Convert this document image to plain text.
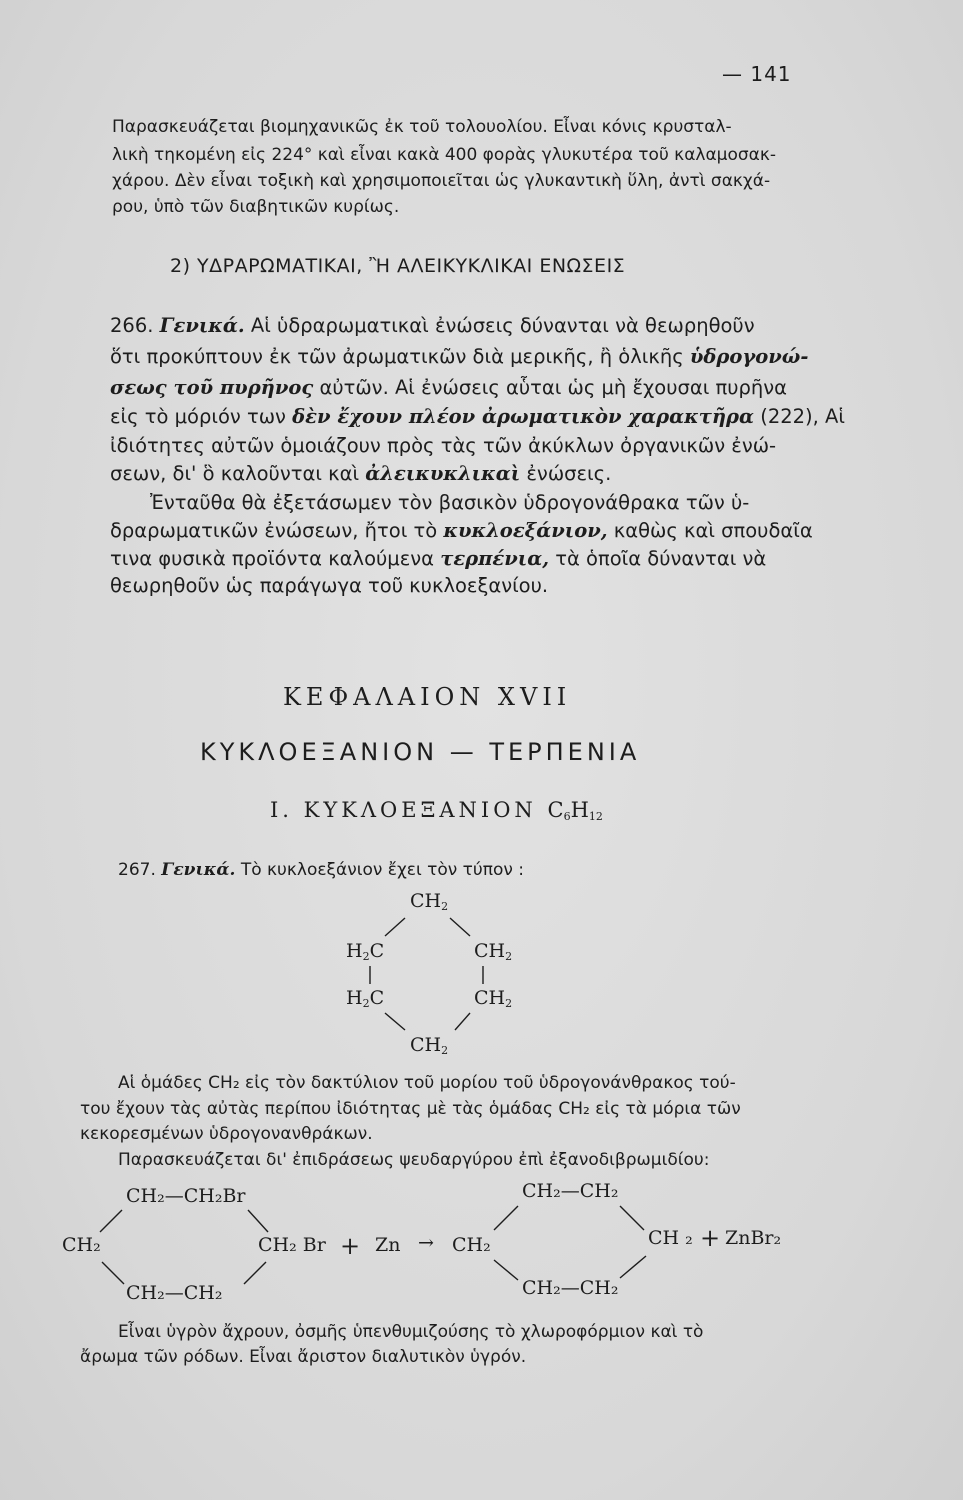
— 141
Παρασκευάζεται βιομηχανικῶς ἐκ τοῦ τολουολίου. Εἶναι κόνις κρυσταλ-
λικὴ τηκομένη εἰς 224° καὶ εἶναι κακὰ 400 φορὰς γλυκυτέρα τοῦ καλαμοσακ-
χάρου. Δὲν εἶναι τοξικὴ καὶ χρησιμοποιεῖται ὡς γλυκαντικὴ ὕλη, ἀντὶ σακχά-
ρου, ὑπὸ τῶν διαβητικῶν κυρίως.
2) ΥΔΡΑΡΩΜΑΤΙΚΑΙ, Ἢ ΑΛΕΙΚΥΚΛΙΚΑΙ ΕΝΩΣΕΙΣ
266. Γενικά. Αἱ ὑδραρωματικαὶ ἐνώσεις δύνανται νὰ θεωρηθοῦν
ὅτι προκύπτουν ἐκ τῶν ἀρωματικῶν διὰ μερικῆς, ἢ ὁλικῆς ὑδρογονώ-
σεως τοῦ πυρῆνος αὐτῶν. Αἱ ἐνώσεις αὗται ὡς μὴ ἔχουσαι πυρῆνα
εἰς τὸ μόριόν των δὲν ἔχουν πλέον ἀρωματικὸν χαρακτῆρα (222), Αἱ
ἰδιότητες αὐτῶν ὁμοιάζουν πρὸς τὰς τῶν ἀκύκλων ὀργανικῶν ἐνώ-
σεων, δι' ὃ καλοῦνται καὶ ἀλεικυκλικαὶ ἐνώσεις.
Ἐνταῦθα θὰ ἐξετάσωμεν τὸν βασικὸν ὑδρογονάθρακα τῶν ὑ-
δραρωματικῶν ἐνώσεων, ἤτοι τὸ κυκλοεξάνιον, καθὼς καὶ σπουδαῖα
τινα φυσικὰ προϊόντα καλούμενα τερπένια, τὰ ὁποῖα δύνανται νὰ
θεωρηθοῦν ὡς παράγωγα τοῦ κυκλοεξανίου.
ΚΕΦΑΛΑΙΟΝ XVII
ΚΥΚΛΟΕΞΑΝΙΟΝ — ΤΕΡΠΕΝΙΑ
I. ΚΥΚΛΟΕΞΑΝΙΟΝ $C_6H_{12}$
267. Γενικά. Τὸ κυκλοεξάνιον ἔχει τὸν τύπον :
$CH_2$
$H_2C$	$CH_2$
$H_2C$	$CH_2$
$CH_2$
Αἱ ὁμάδες CH₂ εἰς τὸν δακτύλιον τοῦ μορίου τοῦ ὑδρογονάνθρακος τού-
του ἔχουν τὰς αὐτὰς περίπου ἰδιότητας μὲ τὰς ὁμάδας CH₂ εἰς τὰ μόρια τῶν
κεκορεσμένων ὑδρογονανθράκων.
Παρασκευάζεται δι' ἐπιδράσεως ψευδαργύρου ἐπὶ ἐξανοδιβρωμιδίου:
CH₂—CH₂Br
CH₂	CH₂ Br + Zn → CH₂
CH₂—CH₂
CH₂—CH₂
CH ₂ + ZnBr₂
CH₂—CH₂
Εἶναι ὑγρὸν ἄχρουν, ὀσμῆς ὑπενθυμιζούσης τὸ χλωροφόρμιον καὶ τὸ
ἄρωμα τῶν ρόδων. Εἶναι ἄριστον διαλυτικὸν ὑγρόν.
